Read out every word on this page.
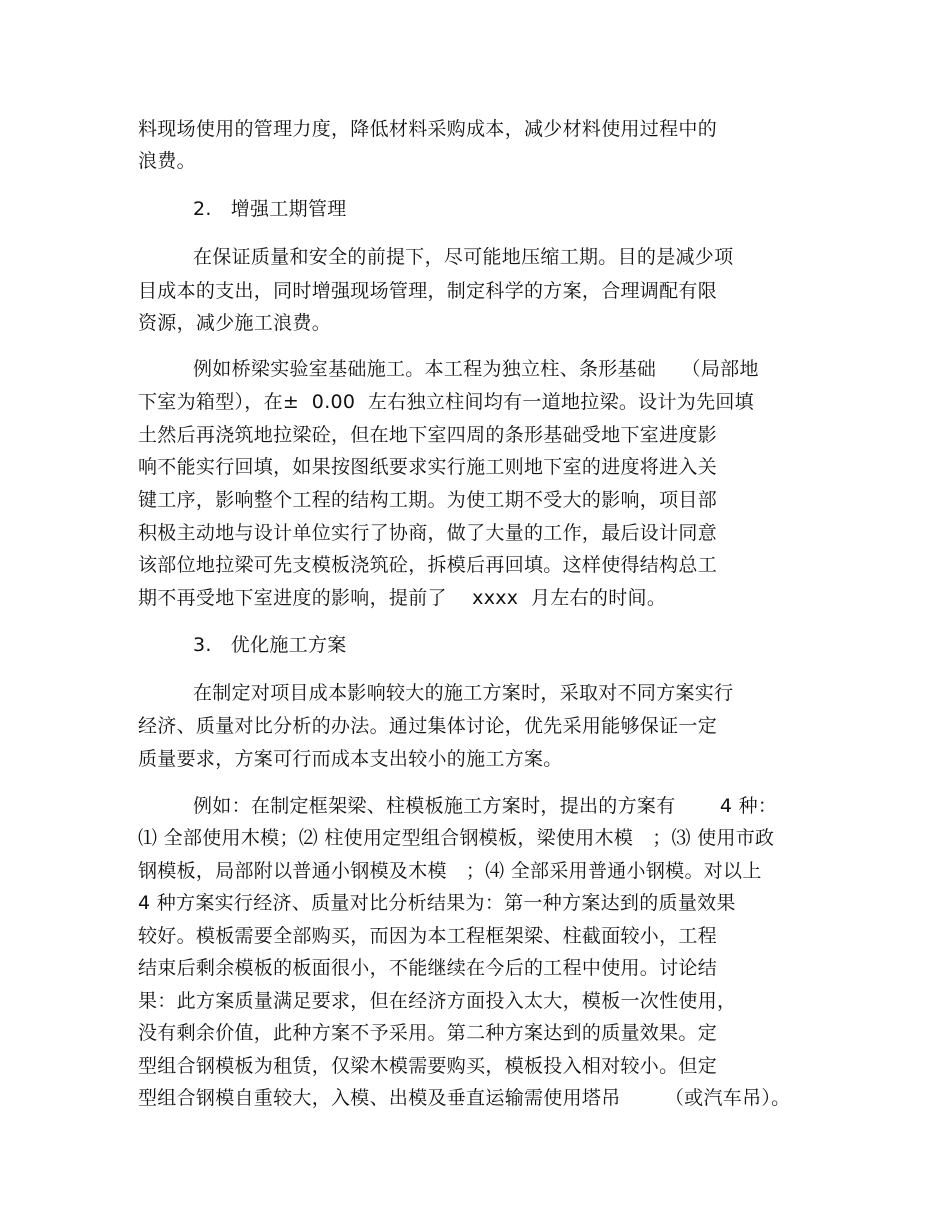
料现场使用的管理力度，降低材料采购成本，减少材料使用过程中的
浪费。
2.   增强工期管理
在保证质量和安全的前提下，尽可能地压缩工期。目的是减少项
目成本的支出，同时增强现场管理，制定科学的方案，合理调配有限
资源，减少施工浪费。
例如桥梁实验室基础施工。本工程为独立柱、条形基础    （局部地
下室为箱型），在±  0.00  左右独立柱间均有一道地拉梁。设计为先回填
土然后再浇筑地拉梁砼，但在地下室四周的条形基础受地下室进度影
响不能实行回填，如果按图纸要求实行施工则地下室的进度将进入关
键工序，影响整个工程的结构工期。为使工期不受大的影响，项目部
积极主动地与设计单位实行了协商，做了大量的工作，最后设计同意
该部位地拉梁可先支模板浇筑砼，拆模后再回填。这样使得结构总工
期不再受地下室进度的影响，提前了    xxxx  月左右的时间。
3.   优化施工方案
在制定对项目成本影响较大的施工方案时，采取对不同方案实行
经济、质量对比分析的办法。通过集体讨论，优先采用能够保证一定
质量要求，方案可行而成本支出较小的施工方案。
例如：在制定框架梁、柱模板施工方案时，提出的方案有       4 种：
⑴ 全部使用木模；⑵ 柱使用定型组合钢模板，梁使用木模   ；⑶ 使用市政
钢模板，局部附以普通小钢模及木模   ；⑷ 全部采用普通小钢模。对以上
4 种方案实行经济、质量对比分析结果为：第一种方案达到的质量效果
较好。模板需要全部购买，而因为本工程框架梁、柱截面较小，工程
结束后剩余模板的板面很小，不能继续在今后的工程中使用。讨论结
果：此方案质量满足要求，但在经济方面投入太大，模板一次性使用，
没有剩余价值，此种方案不予采用。第二种方案达到的质量效果。定
型组合钢模板为租赁，仅梁木模需要购买，模板投入相对较小。但定
型组合钢模自重较大，入模、出模及垂直运输需使用塔吊       （或汽车吊）。
